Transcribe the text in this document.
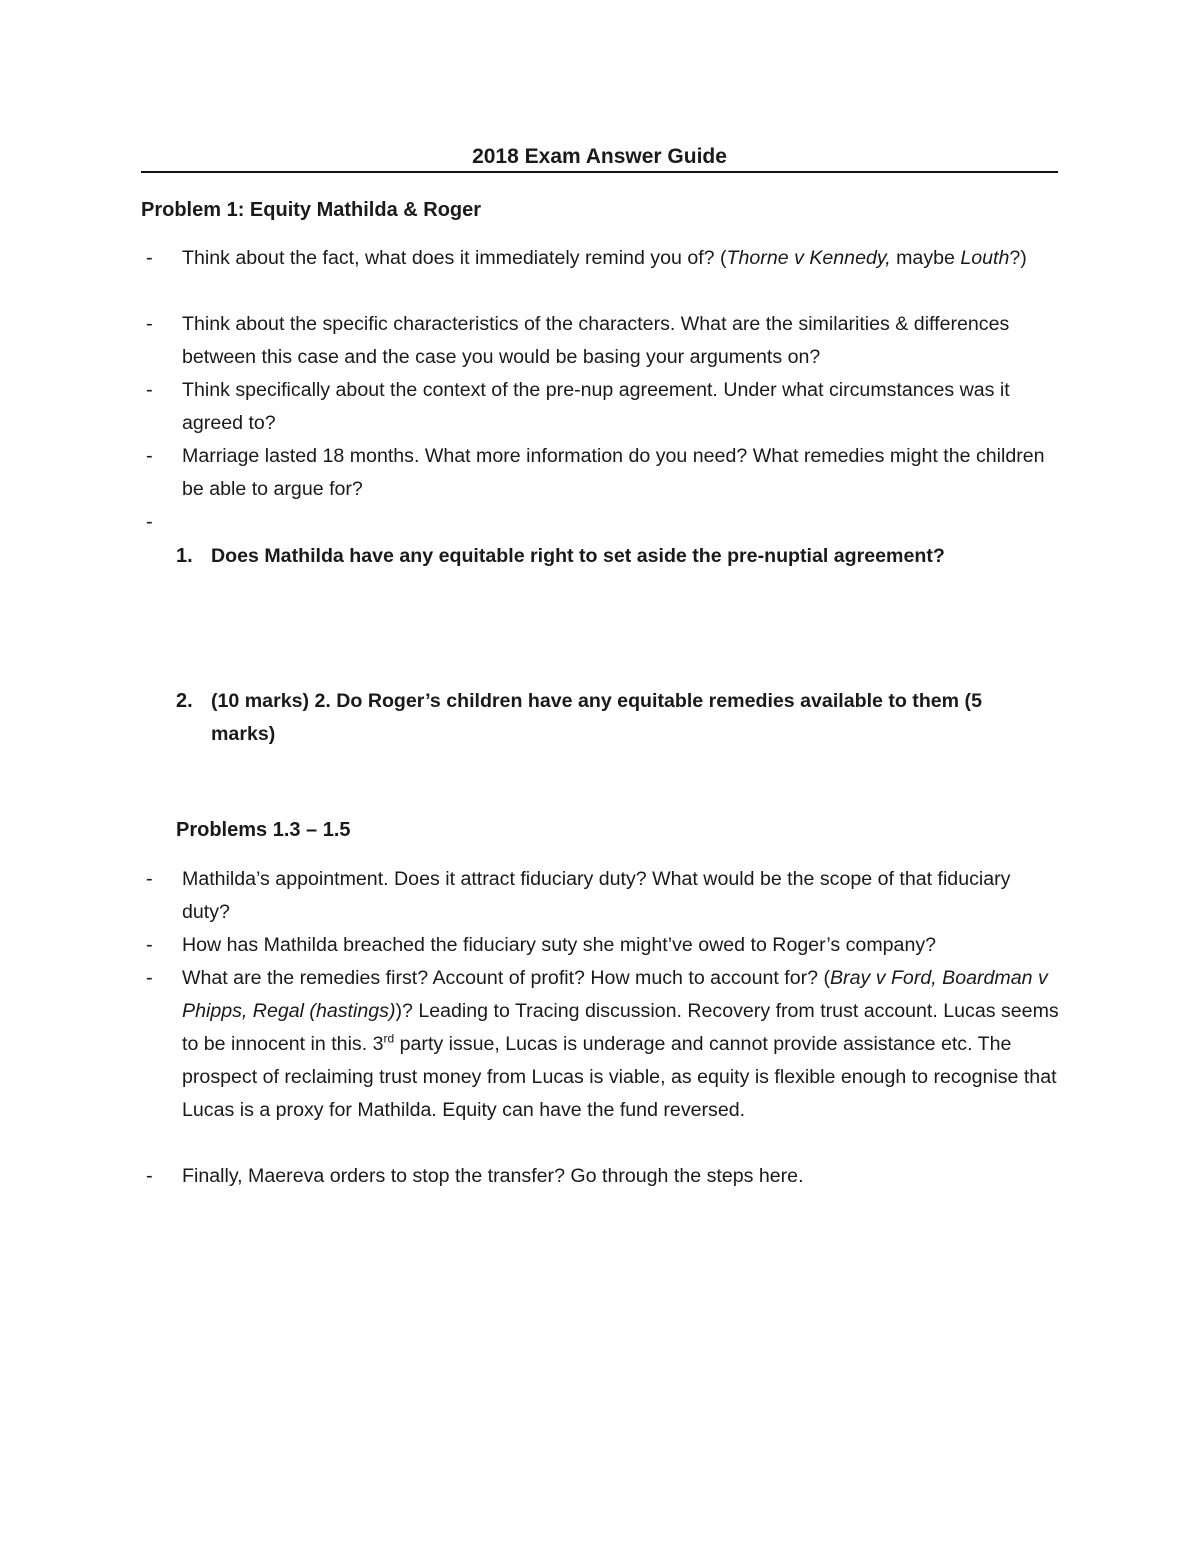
2018 Exam Answer Guide
Problem 1: Equity Mathilda & Roger
- Think about the fact, what does it immediately remind you of? (Thorne v Kennedy, maybe Louth?)
- Think about the specific characteristics of the characters. What are the similarities & differences between this case and the case you would be basing your arguments on?
- Think specifically about the context of the pre-nup agreement. Under what circumstances was it agreed to?
- Marriage lasted 18 months. What more information do you need? What remedies might the children be able to argue for?
-
1. Does Mathilda have any equitable right to set aside the pre-nuptial agreement?
2. (10 marks) 2. Do Roger’s children have any equitable remedies available to them (5 marks)
Problems 1.3 – 1.5
- Mathilda’s appointment. Does it attract fiduciary duty? What would be the scope of that fiduciary duty?
- How has Mathilda breached the fiduciary suty she might’ve owed to Roger’s company?
- What are the remedies first? Account of profit? How much to account for? (Bray v Ford, Boardman v Phipps, Regal (hastings))? Leading to Tracing discussion. Recovery from trust account. Lucas seems to be innocent in this. 3rd party issue, Lucas is underage and cannot provide assistance etc. The prospect of reclaiming trust money from Lucas is viable, as equity is flexible enough to recognise that Lucas is a proxy for Mathilda. Equity can have the fund reversed.
- Finally, Maereva orders to stop the transfer? Go through the steps here.
